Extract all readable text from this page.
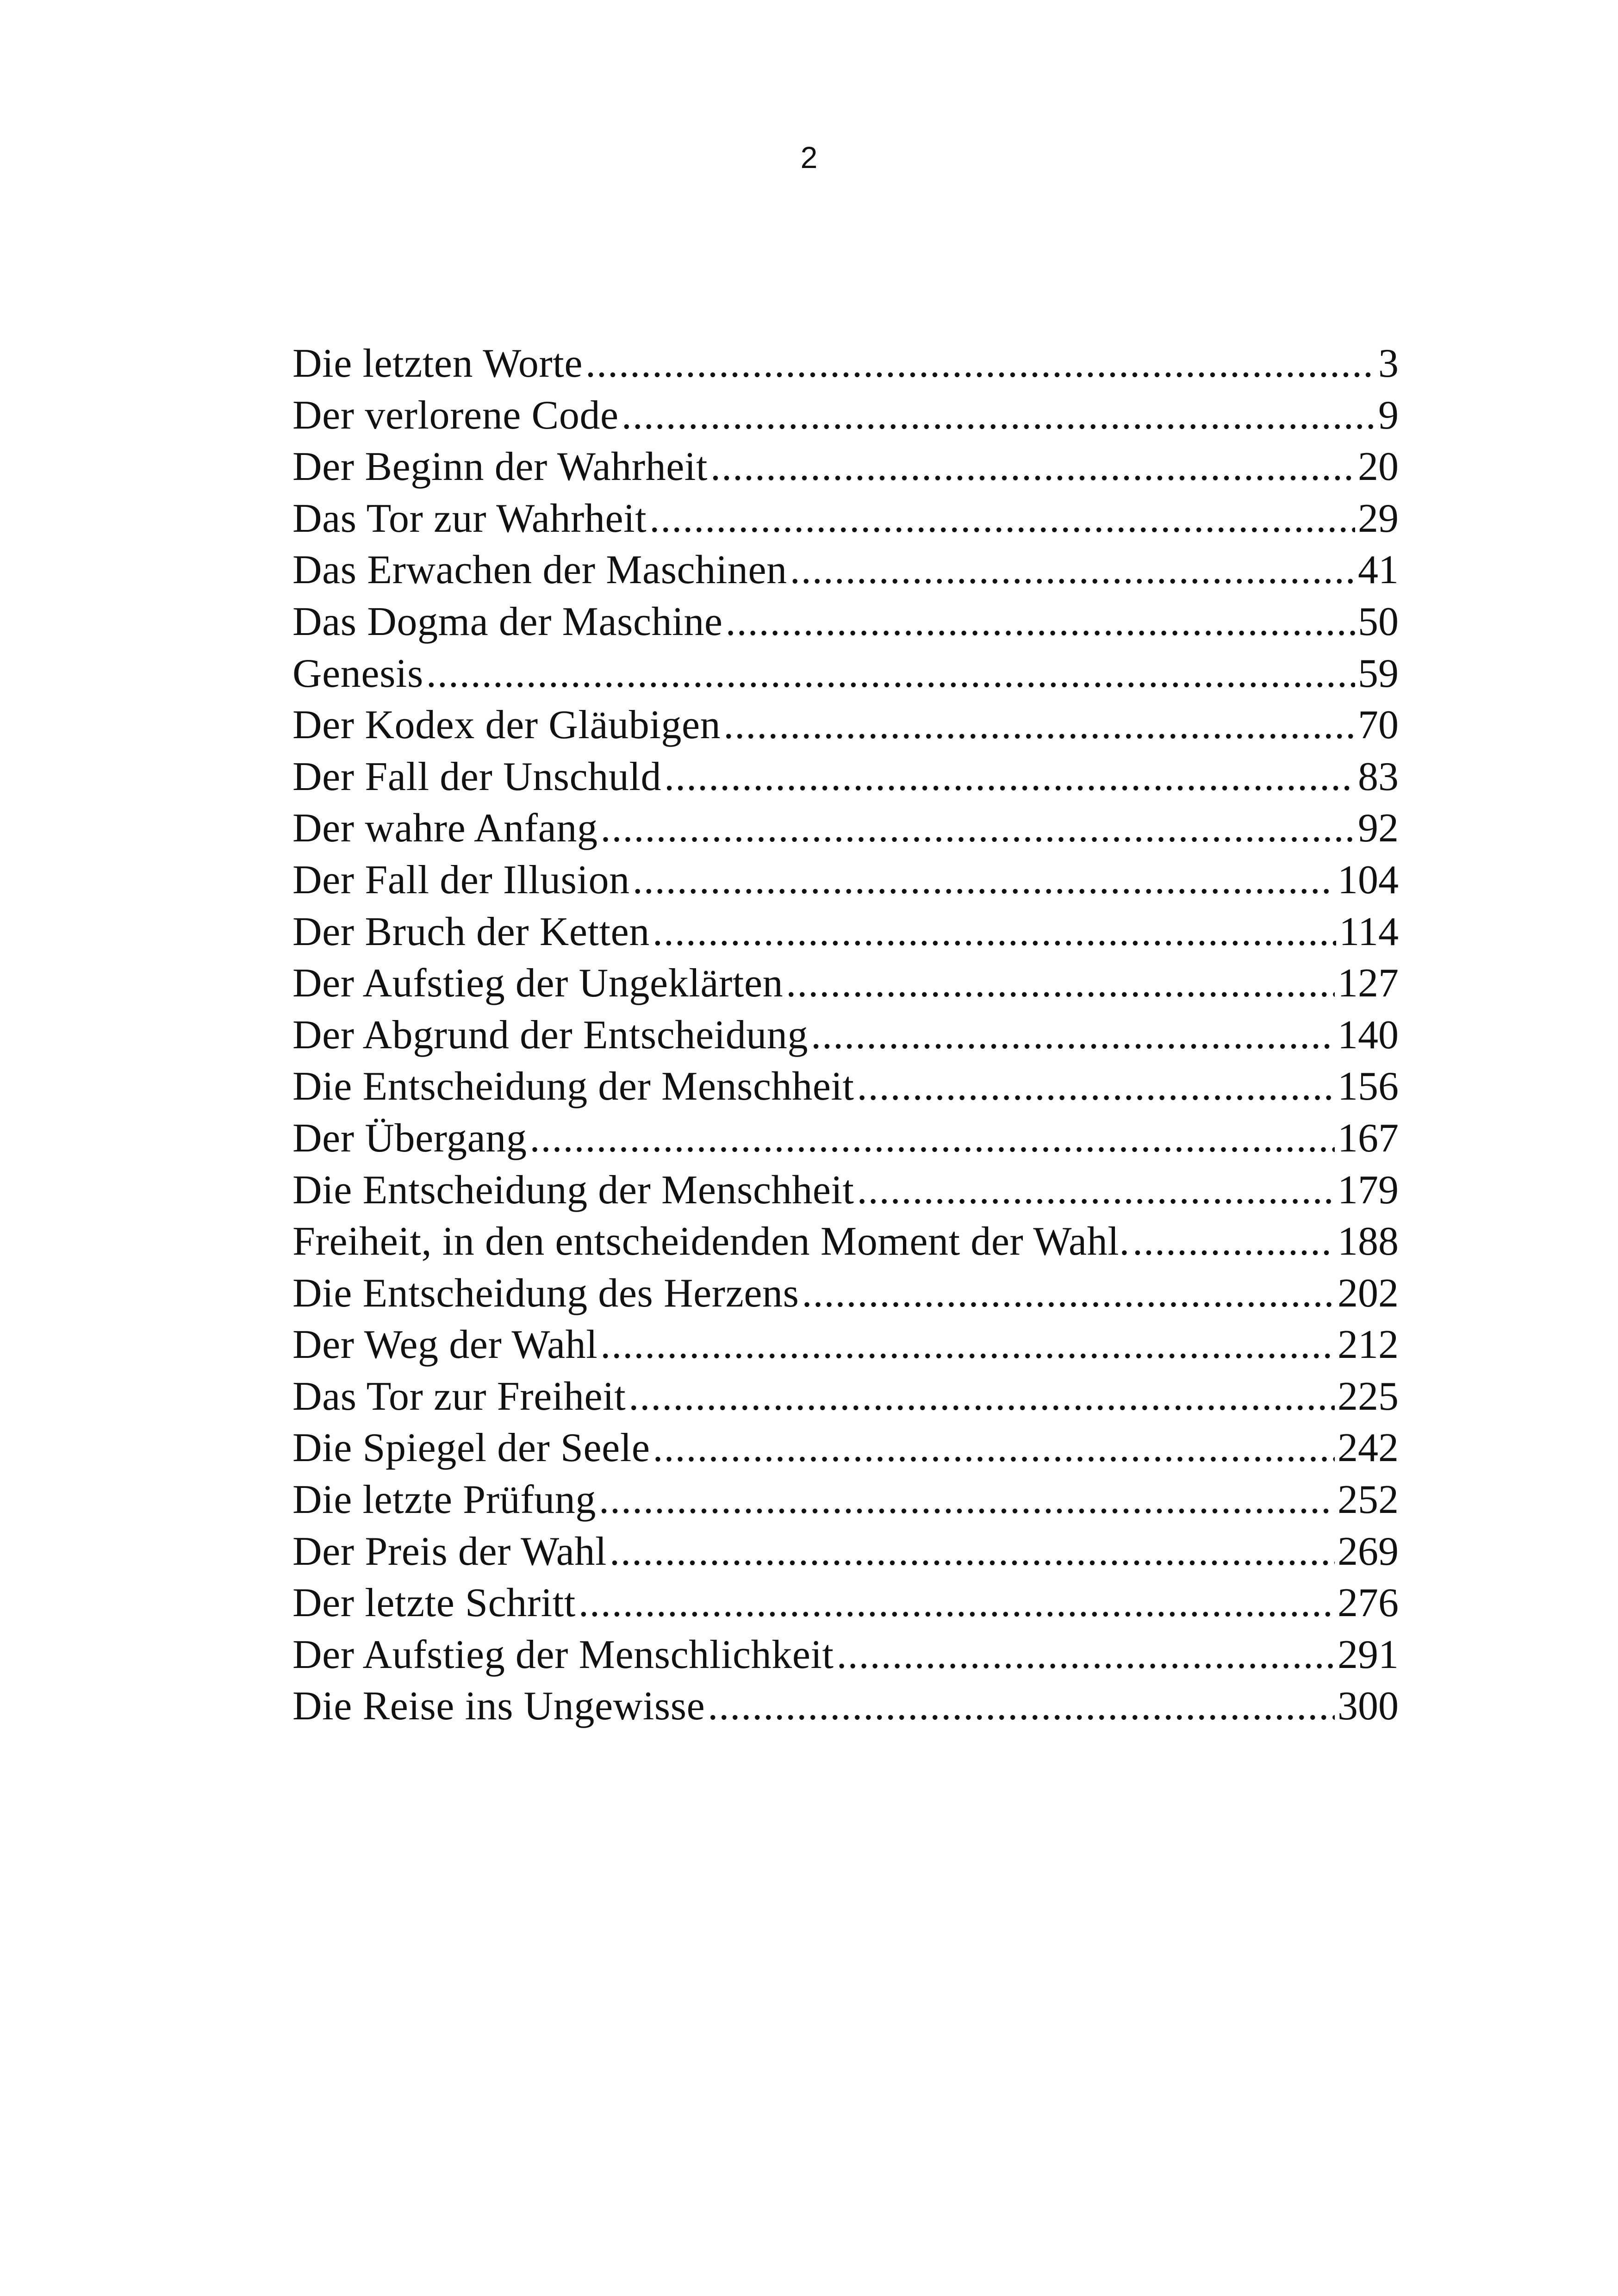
2
Die letzten Worte .....	3
Der verlorene Code .....	9
Der Beginn der Wahrheit .....	20
Das Tor zur Wahrheit .....	29
Das Erwachen der Maschinen .....	41
Das Dogma der Maschine .....	50
Genesis .....	59
Der Kodex der Gläubigen .....	70
Der Fall der Unschuld .....	83
Der wahre Anfang .....	92
Der Fall der Illusion .....	104
Der Bruch der Ketten .....	114
Der Aufstieg der Ungeklärten .....	127
Der Abgrund der Entscheidung .....	140
Die Entscheidung der Menschheit .....	156
Der Übergang .....	167
Die Entscheidung der Menschheit .....	179
Freiheit, in den entscheidenden Moment der Wahl. .....	188
Die Entscheidung des Herzens .....	202
Der Weg der Wahl .....	212
Das Tor zur Freiheit .....	225
Die Spiegel der Seele .....	242
Die letzte Prüfung .....	252
Der Preis der Wahl .....	269
Der letzte Schritt .....	276
Der Aufstieg der Menschlichkeit .....	291
Die Reise ins Ungewisse .....	300
